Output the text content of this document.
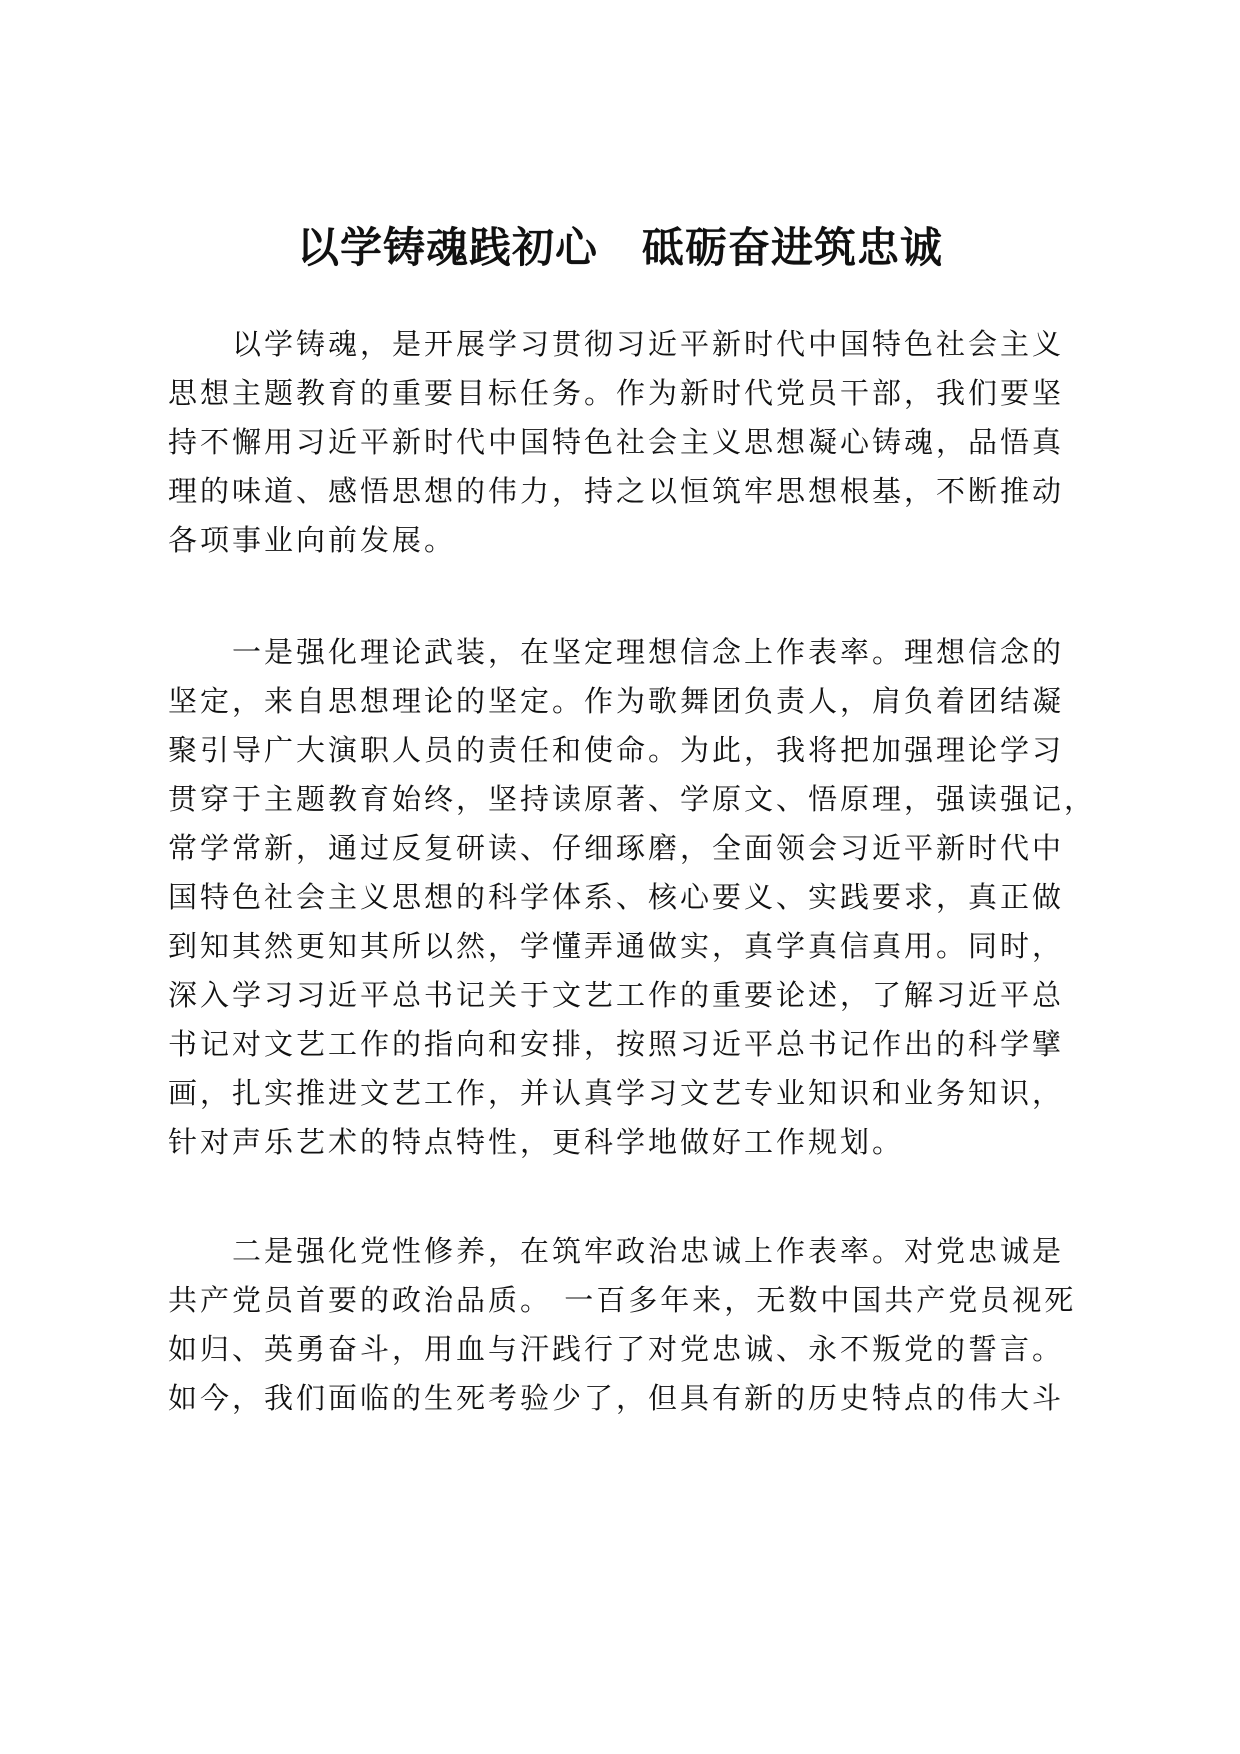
以学铸魂践初心 砥砺奋进筑忠诚
以学铸魂，是开展学习贯彻习近平新时代中国特色社会主义
思想主题教育的重要目标任务。作为新时代党员干部，我们要坚
持不懈用习近平新时代中国特色社会主义思想凝心铸魂，品悟真
理的味道、感悟思想的伟力，持之以恒筑牢思想根基，不断推动
各项事业向前发展。
一是强化理论武装，在坚定理想信念上作表率。理想信念的
坚定，来自思想理论的坚定。作为歌舞团负责人，肩负着团结凝
聚引导广大演职人员的责任和使命。为此，我将把加强理论学习
贯穿于主题教育始终，坚持读原著、学原文、悟原理，强读强记，
常学常新，通过反复研读、仔细琢磨，全面领会习近平新时代中
国特色社会主义思想的科学体系、核心要义、实践要求，真正做
到知其然更知其所以然，学懂弄通做实，真学真信真用。同时，
深入学习习近平总书记关于文艺工作的重要论述，了解习近平总
书记对文艺工作的指向和安排，按照习近平总书记作出的科学擘
画，扎实推进文艺工作，并认真学习文艺专业知识和业务知识，
针对声乐艺术的特点特性，更科学地做好工作规划。
二是强化党性修养，在筑牢政治忠诚上作表率。对党忠诚是
共产党员首要的政治品质。 一百多年来，无数中国共产党员视死
如归、英勇奋斗，用血与汗践行了对党忠诚、永不叛党的誓言。
如今，我们面临的生死考验少了，但具有新的历史特点的伟大斗
